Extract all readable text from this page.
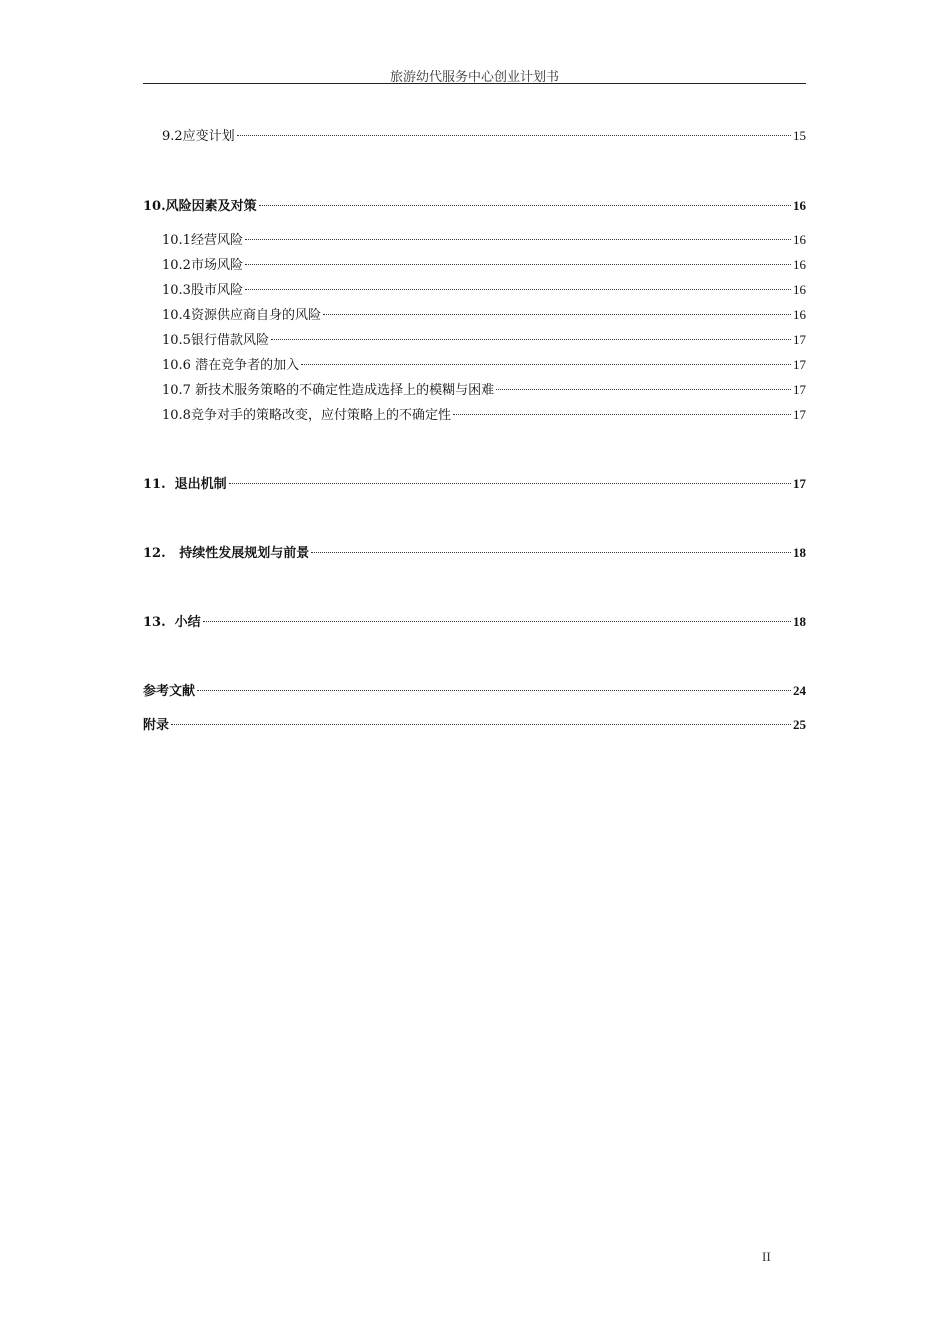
旅游幼代服务中心创业计划书
9.2应变计划	15
10.风险因素及对策	16
10.1经营风险	16
10.2市场风险	16
10.3股市风险	16
10.4资源供应商自身的风险	16
10.5银行借款风险	17
10.6 潜在竞争者的加入	17
10.7 新技术服务策略的不确定性造成选择上的模糊与困难	17
10.8竞争对手的策略改变，应付策略上的不确定性	17
11.  退出机制	17
12.   持续性发展规划与前景	18
13.  小结	18
参考文献	24
附录	25
II
